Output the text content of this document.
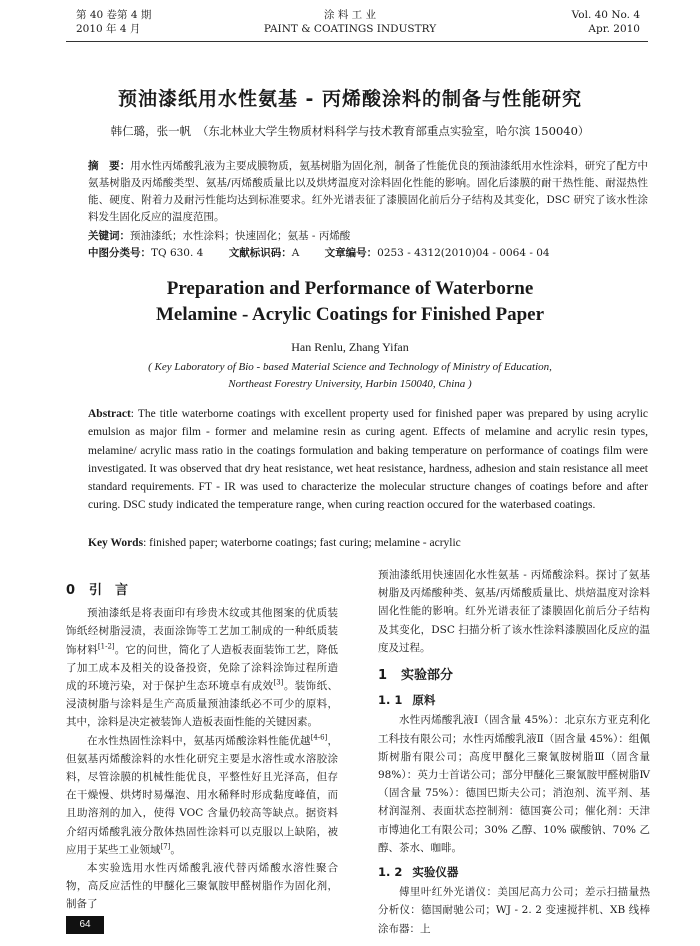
第 40 卷第 4 期
2010 年 4 月
涂 料 工 业
PAINT & COATINGS INDUSTRY
Vol. 40 No. 4
Apr. 2010
预油漆纸用水性氨基 - 丙烯酸涂料的制备与性能研究
韩仁璐，张一帆　（东北林业大学生物质材料科学与技术教育部重点实验室，哈尔滨 150040）
摘　要：用水性丙烯酸乳液为主要成膜物质，氨基树脂为固化剂，制备了性能优良的预油漆纸用水性涂料，研究了配方中氨基树脂及丙烯酸类型、氨基/丙烯酸质量比以及烘烤温度对涂料固化性能的影响。固化后漆膜的耐干热性能、耐湿热性能、硬度、附着力及耐污性能均达到标准要求。红外光谱表征了漆膜固化前后分子结构及其变化，DSC 研究了该水性涂料发生固化反应的温度范围。
关键词：预油漆纸；水性涂料；快速固化；氨基 - 丙烯酸
中图分类号：TQ 630. 4 文献标识码：A 文章编号：0253 - 4312(2010)04 - 0064 - 04
Preparation and Performance of Waterborne
Melamine - Acrylic Coatings for Finished Paper
Han Renlu, Zhang Yifan
( Key Laboratory of Bio - based Material Science and Technology of Ministry of Education,
Northeast Forestry University, Harbin 150040, China )
Abstract: The title waterborne coatings with excellent property used for finished paper was prepared by using acrylic emulsion as major film - former and melamine resin as curing agent. Effects of melamine and acrylic resin types, melamine/ acrylic mass ratio in the coatings formulation and baking temperature on performance of coatings film were investigated. It was observed that dry heat resistance, wet heat resistance, hardness, adhesion and stain resistance all meet standard requirements. FT - IR was used to characterize the molecular structure changes of coatings before and after curing. DSC study indicated the temperature range, when curing reaction occured for the waterbased coatings.
Key Words: finished paper; waterborne coatings; fast curing; melamine - acrylic
0 引　言

预油漆纸是将表面印有珍贵木纹或其他图案的优质装饰纸经树脂浸渍，表面涂饰等工艺加工制成的一种纸质装饰材料[1-2]。它的问世，简化了人造板表面装饰工艺，降低了加工成本及相关的设备投资，免除了涂料涂饰过程所造成的环境污染，对于保护生态环境卓有成效[3]。装饰纸、浸渍树脂与涂料是生产高质量预油漆纸必不可少的原料，其中，涂料是决定被装饰人造板表面性能的关键因素。

在水性热固性涂料中，氨基丙烯酸涂料性能优越[4-6]，但氨基丙烯酸涂料的水性化研究主要是水溶性或水溶胶涂料，尽管涂膜的机械性能优良，平整性好且光泽高，但存在干燥慢、烘烤时易爆泡、用水稀释时形成黏度峰值，而且助溶剂的加入，使得 VOC 含量仍较高等缺点。据资料介绍丙烯酸乳液分散体热固性涂料可以克服以上缺陷，被应用于某些工业领域[7]。

本实验选用水性丙烯酸乳液代替丙烯酸水溶性聚合物，高反应活性的甲醚化三聚氰胺甲醛树脂作为固化剂，制备了

预油漆纸用快速固化水性氨基 - 丙烯酸涂料。探讨了氨基树脂及丙烯酸种类、氨基/丙烯酸质量比、烘焙温度对涂料固化性能的影响。红外光谱表征了漆膜固化前后分子结构及其变化，DSC 扫描分析了该水性涂料漆膜固化反应的温度及过程。

1 实验部分
1. 1 原料

水性丙烯酸乳液Ⅰ（固含量 45%）：北京东方亚克利化工科技有限公司；水性丙烯酸乳液Ⅱ（固含量 45%）：组佩斯树脂有限公司；高度甲醚化三聚氰胺树脂Ⅲ（固含量 98%）：英力士首诺公司；部分甲醚化三聚氰胺甲醛树脂Ⅳ（固含量 75%）：德国巴斯夫公司；消泡剂、流平剂、基材润湿剂、表面状态控制剂：德国赛公司；催化剂：天津市博迪化工有限公司；30% 乙醇、10% 碳酸钠、70% 乙醇、茶水、咖啡。

1. 2 实验仪器

傅里叶红外光谱仪：美国尼高力公司；差示扫描量热分析仪：德国耐驰公司；WJ - 2. 2 变速搅拌机、XB 线棒涂布器：上

64
